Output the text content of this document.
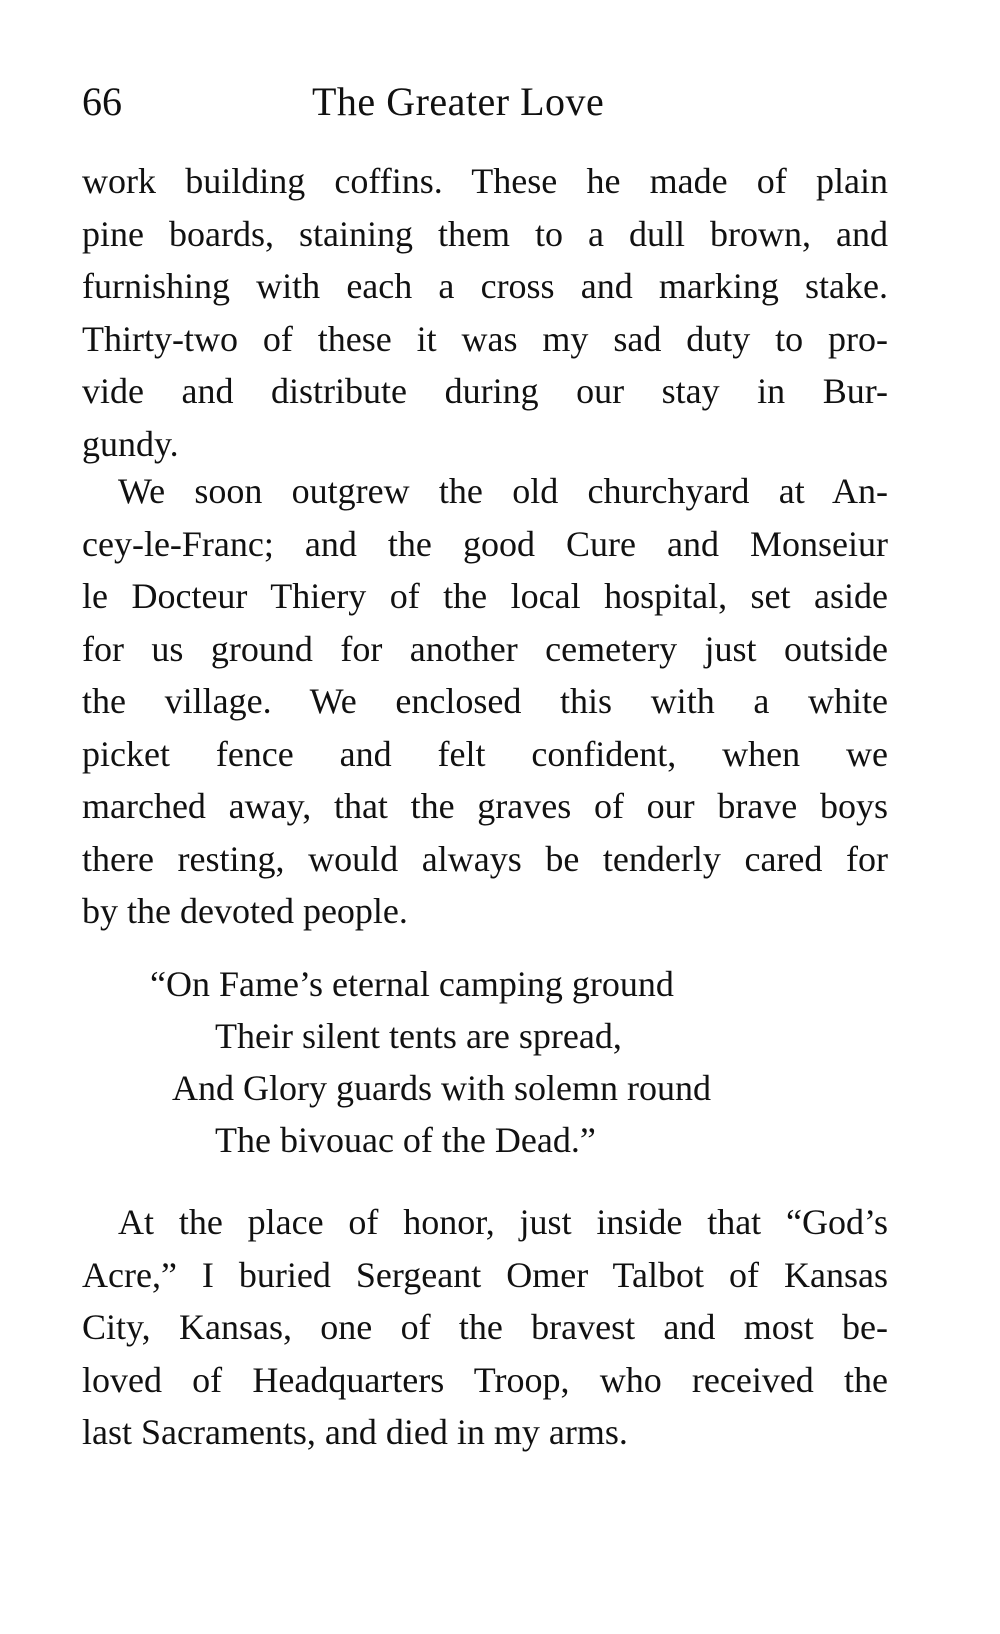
66	The Greater Love
work building coffins. These he made of plain
pine boards, staining them to a dull brown, and
furnishing with each a cross and marking stake.
Thirty-two of these it was my sad duty to pro-
vide and distribute during our stay in Bur-
gundy.
We soon outgrew the old churchyard at An-
cey-le-Franc; and the good Cure and Monseiur
le Docteur Thiery of the local hospital, set aside
for us ground for another cemetery just outside
the village. We enclosed this with a white
picket fence and felt confident, when we
marched away, that the graves of our brave boys
there resting, would always be tenderly cared for
by the devoted people.
“On Fame’s eternal camping ground
Their silent tents are spread,
And Glory guards with solemn round
The bivouac of the Dead.”
At the place of honor, just inside that “God’s
Acre,” I buried Sergeant Omer Talbot of Kansas
City, Kansas, one of the bravest and most be-
loved of Headquarters Troop, who received the
last Sacraments, and died in my arms.
